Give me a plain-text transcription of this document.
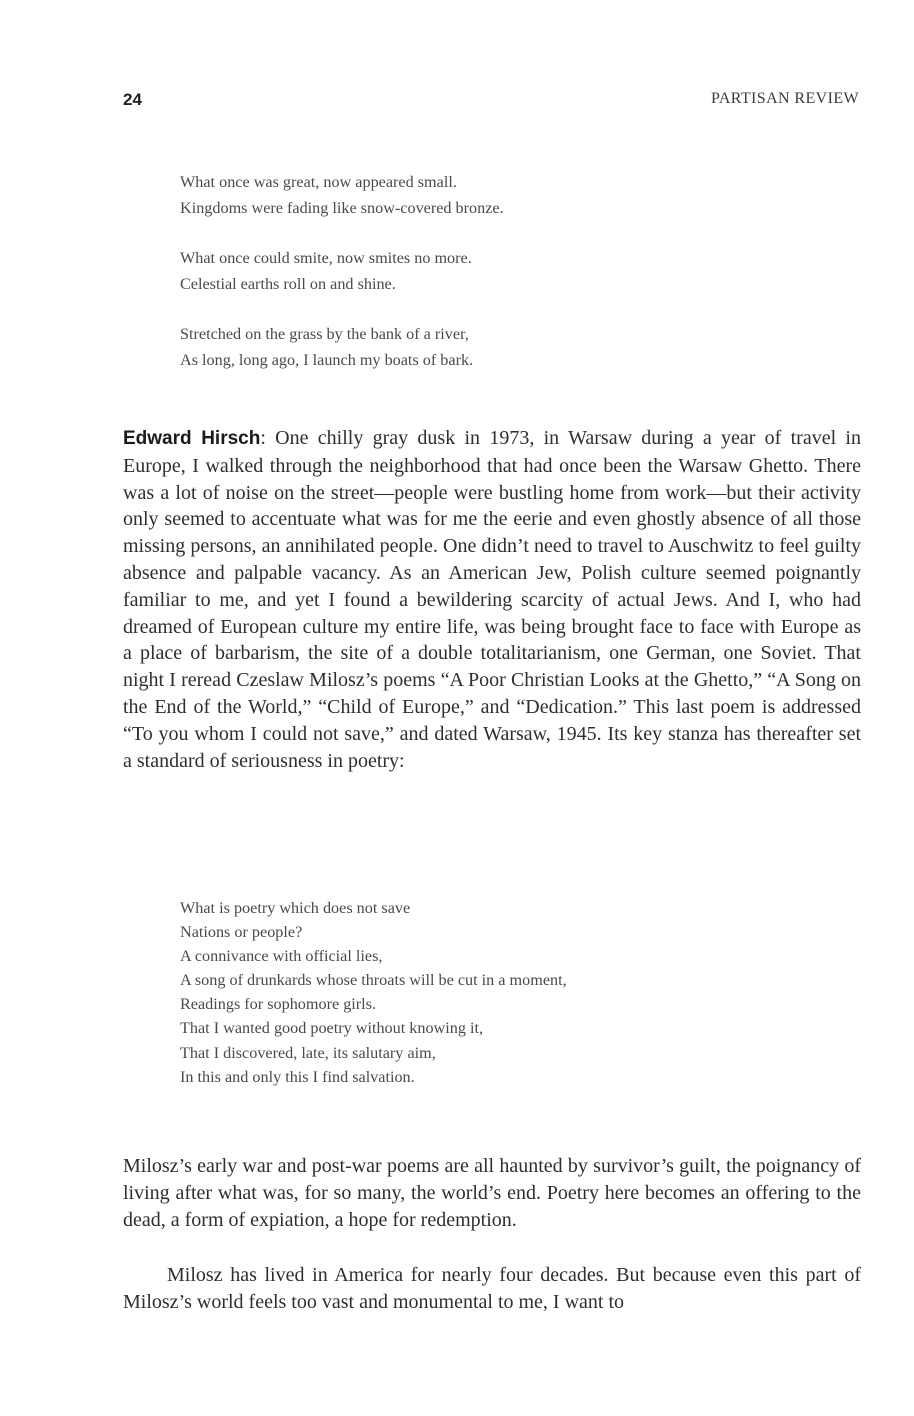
24	PARTISAN REVIEW
What once was great, now appeared small.
Kingdoms were fading like snow-covered bronze.
What once could smite, now smites no more.
Celestial earths roll on and shine.
Stretched on the grass by the bank of a river,
As long, long ago, I launch my boats of bark.
Edward Hirsch: One chilly gray dusk in 1973, in Warsaw during a year of travel in Europe, I walked through the neighborhood that had once been the Warsaw Ghetto. There was a lot of noise on the street—people were bustling home from work—but their activity only seemed to accentuate what was for me the eerie and even ghostly absence of all those missing persons, an annihilated people. One didn’t need to travel to Auschwitz to feel guilty absence and palpable vacancy. As an American Jew, Polish culture seemed poignantly familiar to me, and yet I found a bewildering scarcity of actual Jews. And I, who had dreamed of European culture my entire life, was being brought face to face with Europe as a place of barbarism, the site of a double totalitarianism, one German, one Soviet. That night I reread Czeslaw Milosz’s poems “A Poor Christian Looks at the Ghetto,” “A Song on the End of the World,” “Child of Europe,” and “Dedication.” This last poem is addressed “To you whom I could not save,” and dated Warsaw, 1945. Its key stanza has thereafter set a standard of seriousness in poetry:
What is poetry which does not save
Nations or people?
A connivance with official lies,
A song of drunkards whose throats will be cut in a moment,
Readings for sophomore girls.
That I wanted good poetry without knowing it,
That I discovered, late, its salutary aim,
In this and only this I find salvation.
Milosz’s early war and post-war poems are all haunted by survivor’s guilt, the poignancy of living after what was, for so many, the world’s end. Poetry here becomes an offering to the dead, a form of expiation, a hope for redemption.
Milosz has lived in America for nearly four decades. But because even this part of Milosz’s world feels too vast and monumental to me, I want to
